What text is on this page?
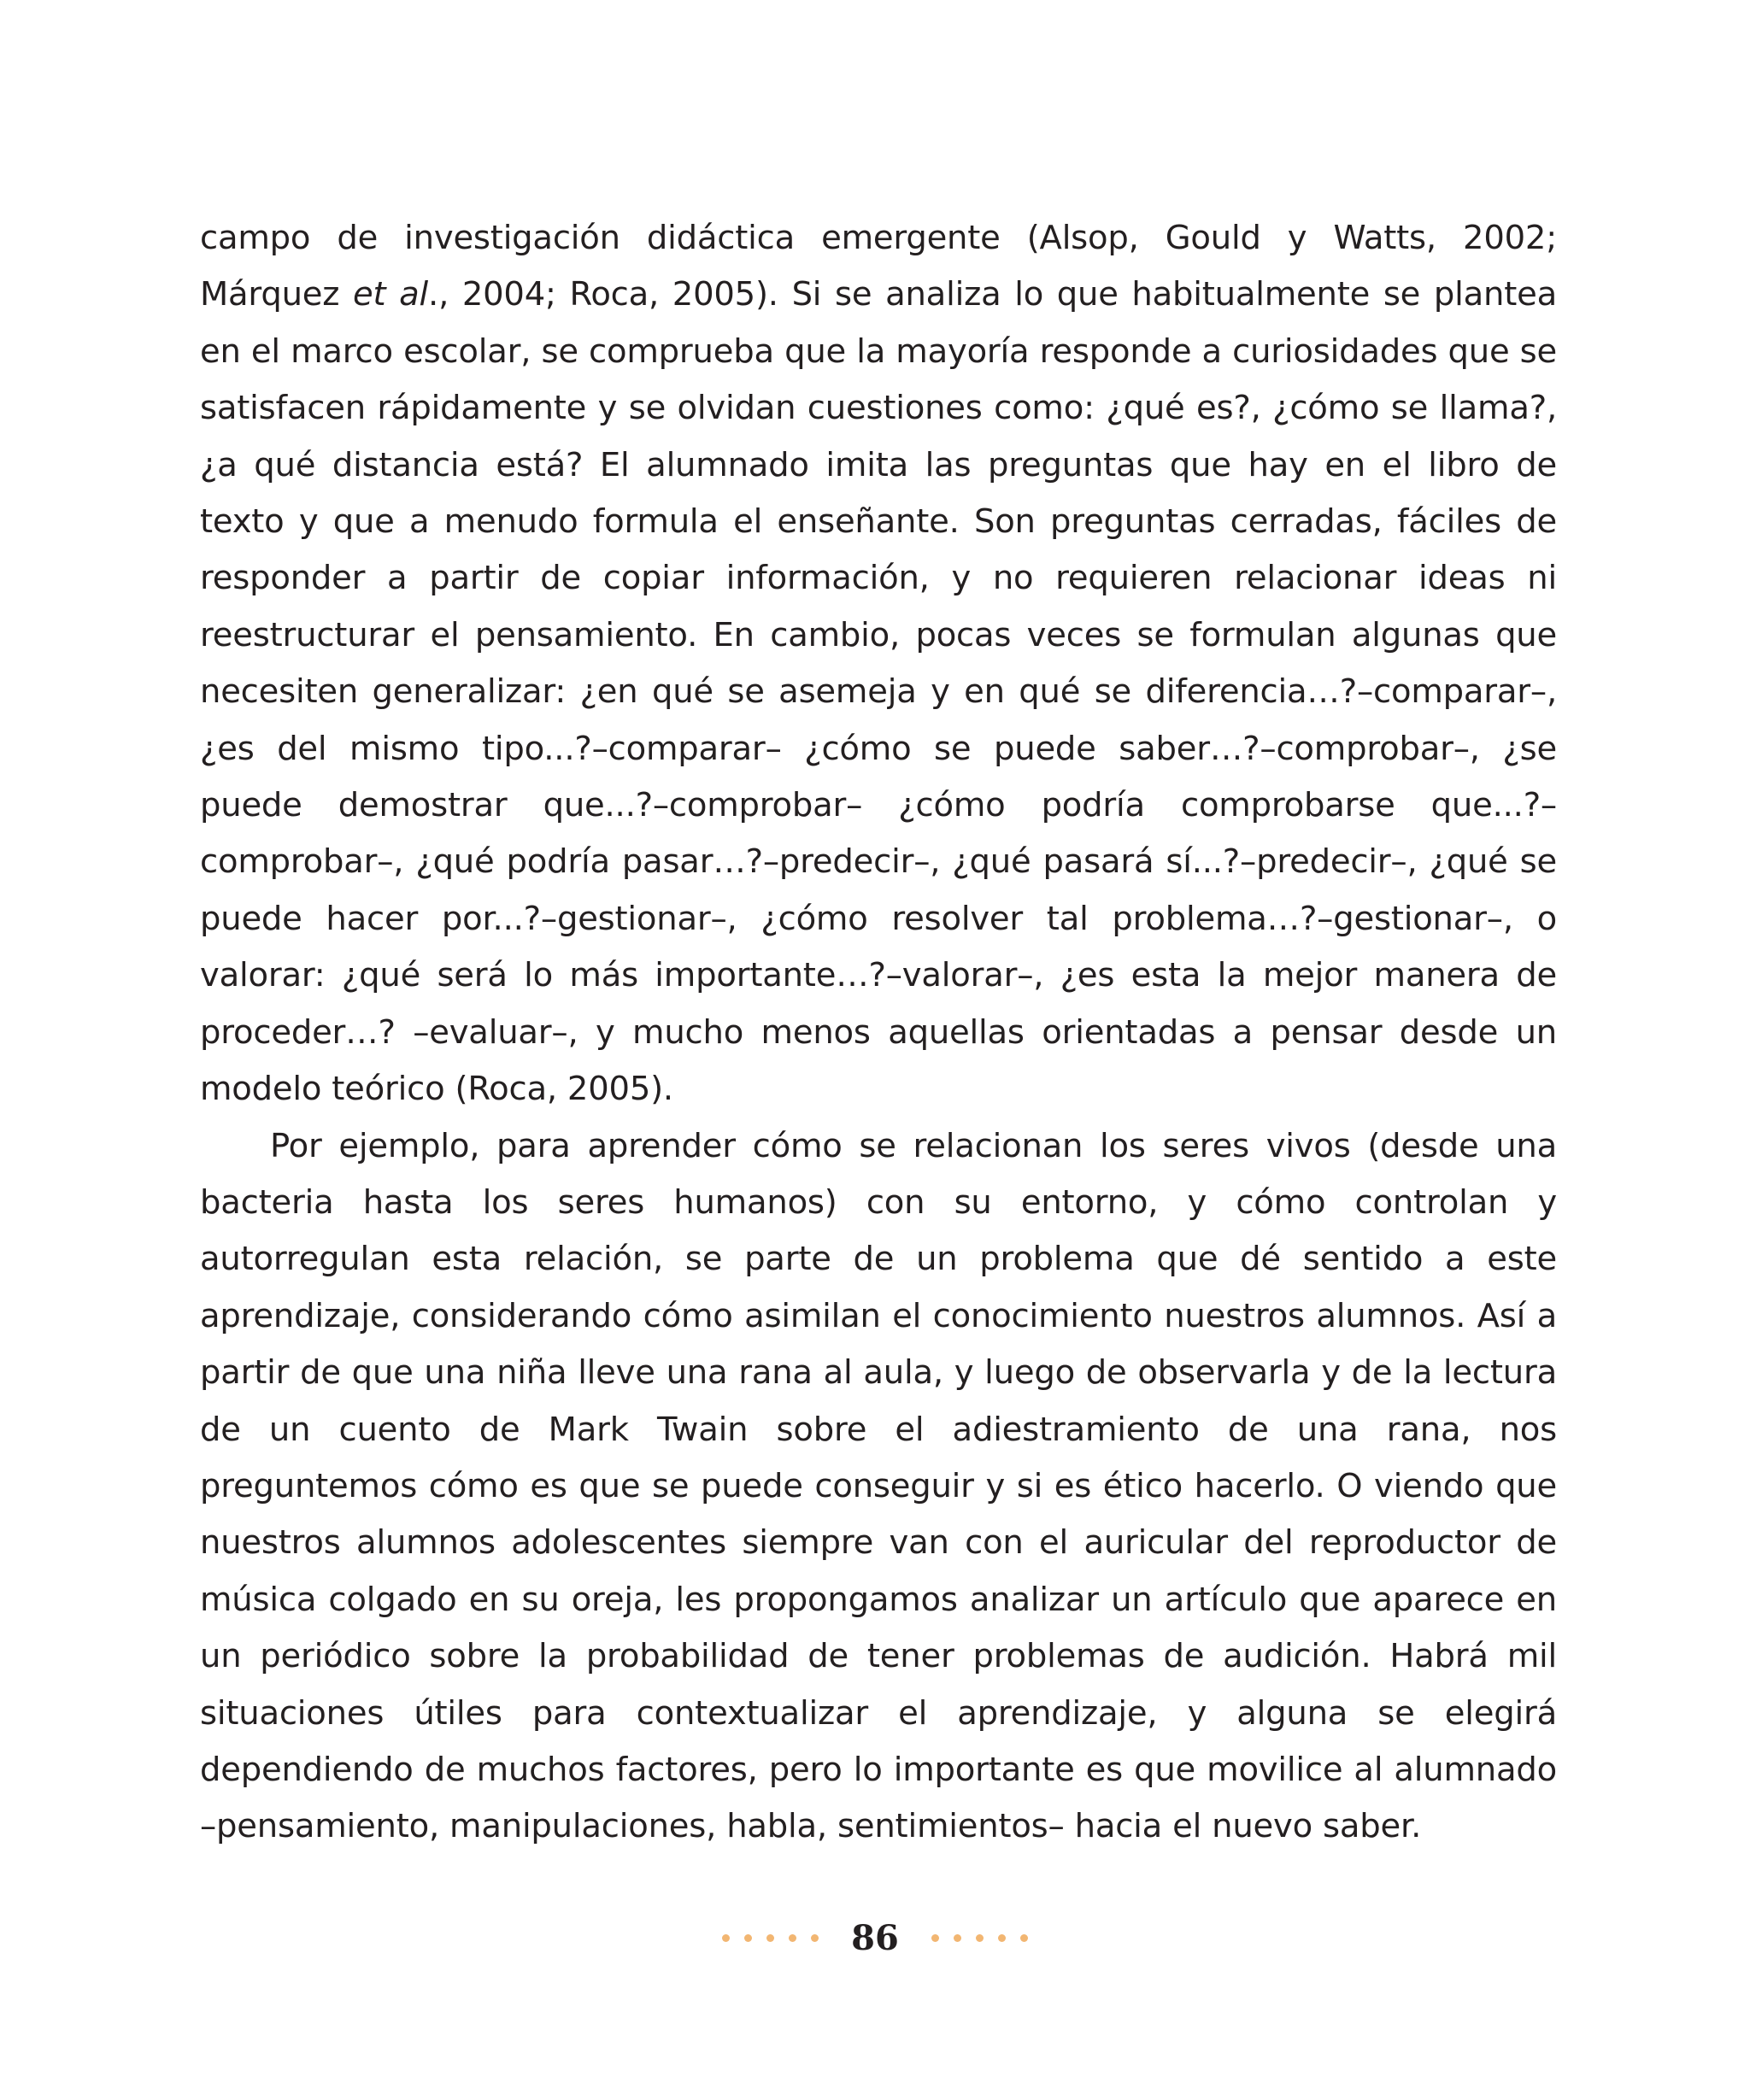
campo de investigación didáctica emergente (Alsop, Gould y Watts, 2002; Márquez et al., 2004; Roca, 2005). Si se analiza lo que habitualmente se plantea en el marco escolar, se comprueba que la mayoría responde a curiosidades que se satisfacen rápidamente y se olvidan cuestiones como: ¿qué es?, ¿cómo se llama?, ¿a qué distancia está? El alumnado imita las preguntas que hay en el libro de texto y que a menudo formula el enseñante. Son preguntas cerradas, fáciles de responder a partir de copiar información, y no requieren relacionar ideas ni reestructurar el pensamiento. En cambio, pocas veces se formulan algunas que necesiten generalizar: ¿en qué se asemeja y en qué se diferencia…?–comparar–, ¿es del mismo tipo...?–comparar– ¿cómo se puede saber…?–comprobar–, ¿se puede demostrar que...?–comprobar– ¿cómo podría comprobarse que...?–comprobar–, ¿qué podría pasar…?–predecir–, ¿qué pasará sí...?–predecir–, ¿qué se puede hacer por...?–gestionar–, ¿cómo resolver tal problema…?–gestionar–, o valorar: ¿qué será lo más importante…?–valorar–, ¿es esta la mejor manera de proceder…? –evaluar–, y mucho menos aquellas orientadas a pensar desde un modelo teórico (Roca, 2005).

Por ejemplo, para aprender cómo se relacionan los seres vivos (desde una bacteria hasta los seres humanos) con su entorno, y cómo controlan y autorregulan esta relación, se parte de un problema que dé sentido a este aprendizaje, considerando cómo asimilan el conocimiento nuestros alumnos. Así a partir de que una niña lleve una rana al aula, y luego de observarla y de la lectura de un cuento de Mark Twain sobre el adiestramiento de una rana, nos preguntemos cómo es que se puede conseguir y si es ético hacerlo. O viendo que nuestros alumnos adolescentes siempre van con el auricular del reproductor de música colgado en su oreja, les propongamos analizar un artículo que aparece en un periódico sobre la probabilidad de tener problemas de audición. Habrá mil situaciones útiles para contextualizar el aprendizaje, y alguna se elegirá dependiendo de muchos factores, pero lo importante es que movilice al alumnado –pensamiento, manipulaciones, habla, sentimientos– hacia el nuevo saber.

86
